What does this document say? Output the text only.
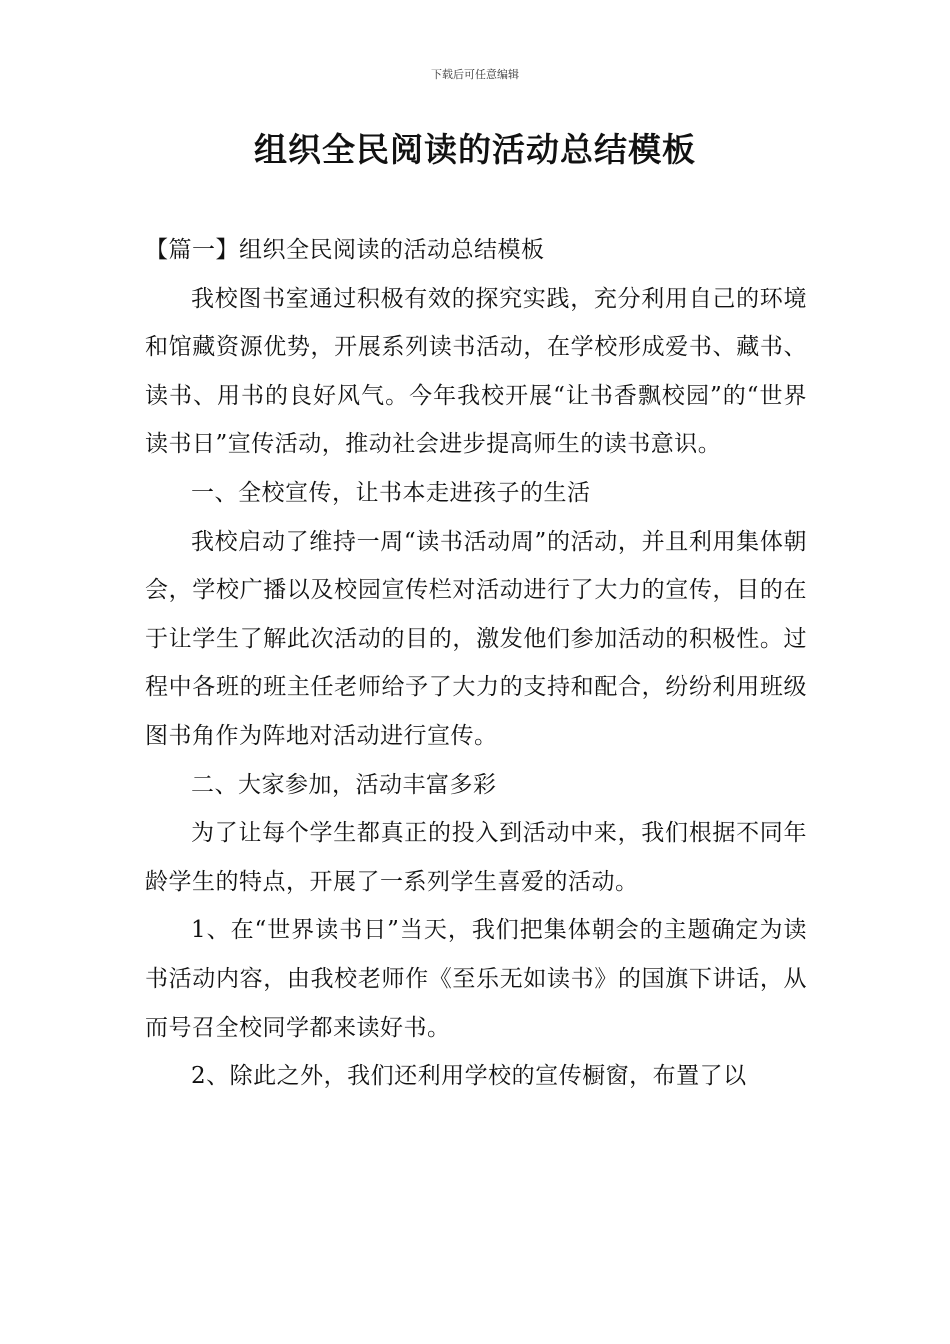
下载后可任意编辑
组织全民阅读的活动总结模板

【篇一】组织全民阅读的活动总结模板

我校图书室通过积极有效的探究实践，充分利用自己的环境和馆藏资源优势，开展系列读书活动，在学校形成爱书、藏书、读书、用书的良好风气。今年我校开展“让书香飘校园”的“世界读书日”宣传活动，推动社会进步提高师生的读书意识。

一、全校宣传，让书本走进孩子的生活

我校启动了维持一周“读书活动周”的活动，并且利用集体朝会，学校广播以及校园宣传栏对活动进行了大力的宣传，目的在于让学生了解此次活动的目的，激发他们参加活动的积极性。过程中各班的班主任老师给予了大力的支持和配合，纷纷利用班级图书角作为阵地对活动进行宣传。

二、大家参加，活动丰富多彩

为了让每个学生都真正的投入到活动中来，我们根据不同年龄学生的特点，开展了一系列学生喜爱的活动。

1、在“世界读书日”当天，我们把集体朝会的主题确定为读书活动内容，由我校老师作《至乐无如读书》的国旗下讲话，从而号召全校同学都来读好书。

2、除此之外，我们还利用学校的宣传橱窗，布置了以
